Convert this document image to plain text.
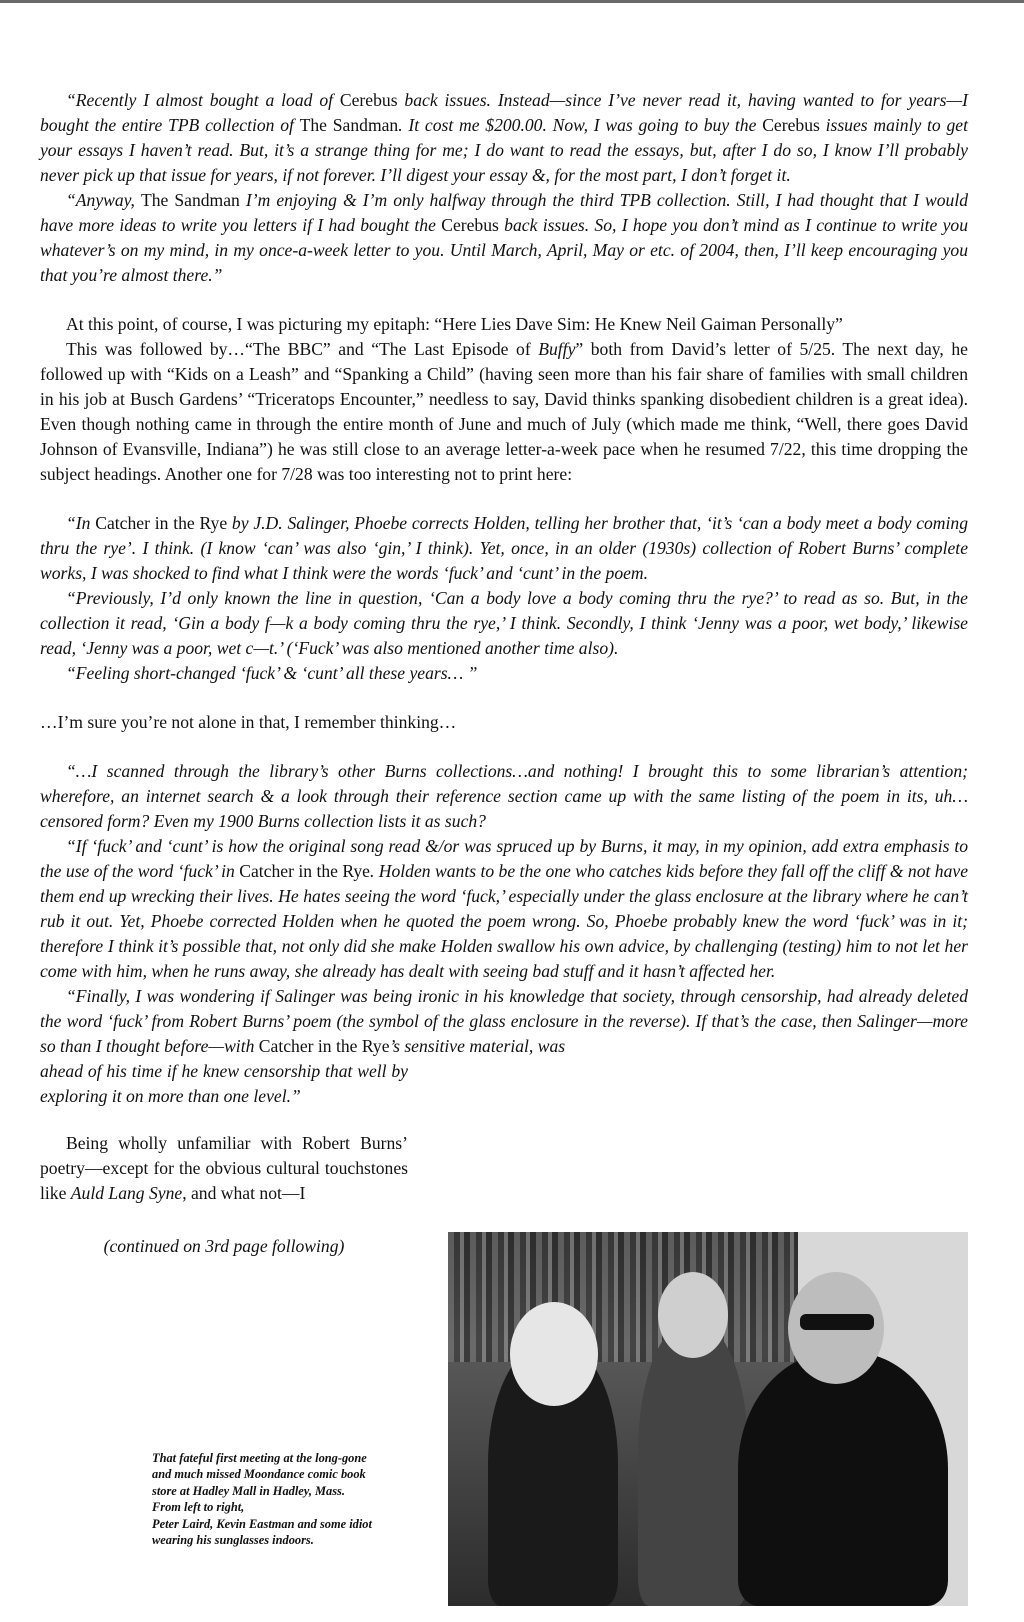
“Recently I almost bought a load of Cerebus back issues. Instead—since I’ve never read it, having wanted to for years—I bought the entire TPB collection of The Sandman. It cost me $200.00. Now, I was going to buy the Cerebus issues mainly to get your essays I haven’t read. But, it’s a strange thing for me; I do want to read the essays, but, after I do so, I know I’ll probably never pick up that issue for years, if not forever. I’ll digest your essay &, for the most part, I don’t forget it.

“Anyway, The Sandman I’m enjoying & I’m only halfway through the third TPB collection. Still, I had thought that I would have more ideas to write you letters if I had bought the Cerebus back issues. So, I hope you don’t mind as I continue to write you whatever’s on my mind, in my once-a-week letter to you. Until March, April, May or etc. of 2004, then, I’ll keep encouraging you that you’re almost there.”

At this point, of course, I was picturing my epitaph: “Here Lies Dave Sim: He Knew Neil Gaiman Personally”

This was followed by…“The BBC” and “The Last Episode of Buffy” both from David’s letter of 5/25. The next day, he followed up with “Kids on a Leash” and “Spanking a Child” (having seen more than his fair share of families with small children in his job at Busch Gardens’ “Triceratops Encounter,” needless to say, David thinks spanking disobedient children is a great idea). Even though nothing came in through the entire month of June and much of July (which made me think, “Well, there goes David Johnson of Evansville, Indiana”) he was still close to an average letter-a-week pace when he resumed 7/22, this time dropping the subject headings. Another one for 7/28 was too interesting not to print here:

“In Catcher in the Rye by J.D. Salinger, Phoebe corrects Holden, telling her brother that, ‘it’s ‘can a body meet a body coming thru the rye’. I think. (I know ‘can’ was also ‘gin,’ I think). Yet, once, in an older (1930s) collection of Robert Burns’ complete works, I was shocked to find what I think were the words ‘fuck’ and ‘cunt’ in the poem.

“Previously, I’d only known the line in question, ‘Can a body love a body coming thru the rye?’ to read as so. But, in the collection it read, ‘Gin a body f—k a body coming thru the rye,’ I think. Secondly, I think ‘Jenny was a poor, wet body,’ likewise read, ‘Jenny was a poor, wet c—t.’ (‘Fuck’ was also mentioned another time also).

“Feeling short-changed ‘fuck’ & ‘cunt’ all these years… ”

…I’m sure you’re not alone in that, I remember thinking…

“…I scanned through the library’s other Burns collections…and nothing! I brought this to some librarian’s attention; wherefore, an internet search & a look through their reference section came up with the same listing of the poem in its, uh…censored form? Even my 1900 Burns collection lists it as such?

“If ‘fuck’ and ‘cunt’ is how the original song read &/or was spruced up by Burns, it may, in my opinion, add extra emphasis to the use of the word ‘fuck’ in Catcher in the Rye. Holden wants to be the one who catches kids before they fall off the cliff & not have them end up wrecking their lives. He hates seeing the word ‘fuck,’ especially under the glass enclosure at the library where he can’t rub it out. Yet, Phoebe corrected Holden when he quoted the poem wrong. So, Phoebe probably knew the word ‘fuck’ was in it; therefore I think it’s possible that, not only did she make Holden swallow his own advice, by challenging (testing) him to not let her come with him, when he runs away, she already has dealt with seeing bad stuff and it hasn’t affected her.

“Finally, I was wondering if Salinger was being ironic in his knowledge that society, through censorship, had already deleted the word ‘fuck’ from Robert Burns’ poem (the symbol of the glass enclosure in the reverse). If that’s the case, then Salinger—more so than I thought before—with Catcher in the Rye’s sensitive material, was

ahead of his time if he knew censorship that well by exploring it on more than one level.”

Being wholly unfamiliar with Robert Burns’ poetry—except for the obvious cultural touchstones like Auld Lang Syne, and what not—I

(continued on 3rd page following)

That fateful first meeting at the long-gone
and much missed Moondance comic book
store at Hadley Mall in Hadley, Mass.
From left to right,
Peter Laird, Kevin Eastman and some idiot
wearing his sunglasses indoors.
